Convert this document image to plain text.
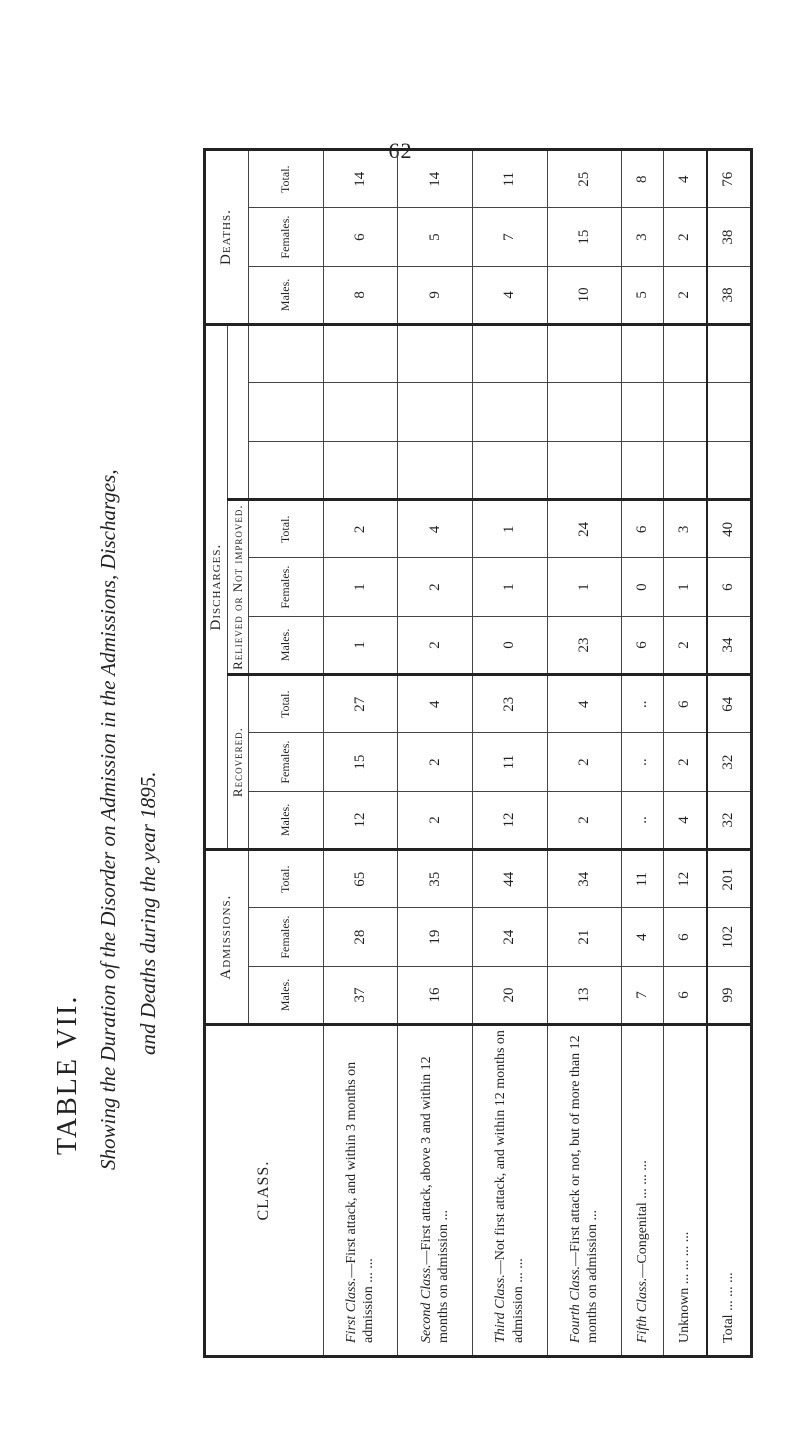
62
TABLE VII. Showing the Duration of the Disorder on Admission in the Admissions, Discharges, and Deaths during the year 1895.
CLASS.	Admissions.			Discharges.									Deaths.		
				Recovered.			Relieved or Not improved.								
	Males.	Females.	Total.	Males.	Females.	Total.	Males.	Females.	Total.				Males.	Females.	Total.
First Class.—First attack, and within 3 months on admission ... ...	37	28	65	12	15	27	1	1	2				8	6	14
Second Class.—First attack, above 3 and within 12 months on admission ...	16	19	35	2	2	4	2	2	4				9	5	14
Third Class.—Not first attack, and within 12 months on admission ... ...	20	24	44	12	11	23	0	1	1				4	7	11
Fourth Class.—First attack or not, but of more than 12 months on admission ...	13	21	34	2	2	4	23	1	24				10	15	25
Fifth Class.—Congenital ... ... ...	7	4	11	..	..	..	6	0	6				5	3	8
Unknown ... ... ... ...	6	6	12	4	2	6	2	1	3				2	2	4
Total ... ... ...	99	102	201	32	32	64	34	6	40				38	38	76
